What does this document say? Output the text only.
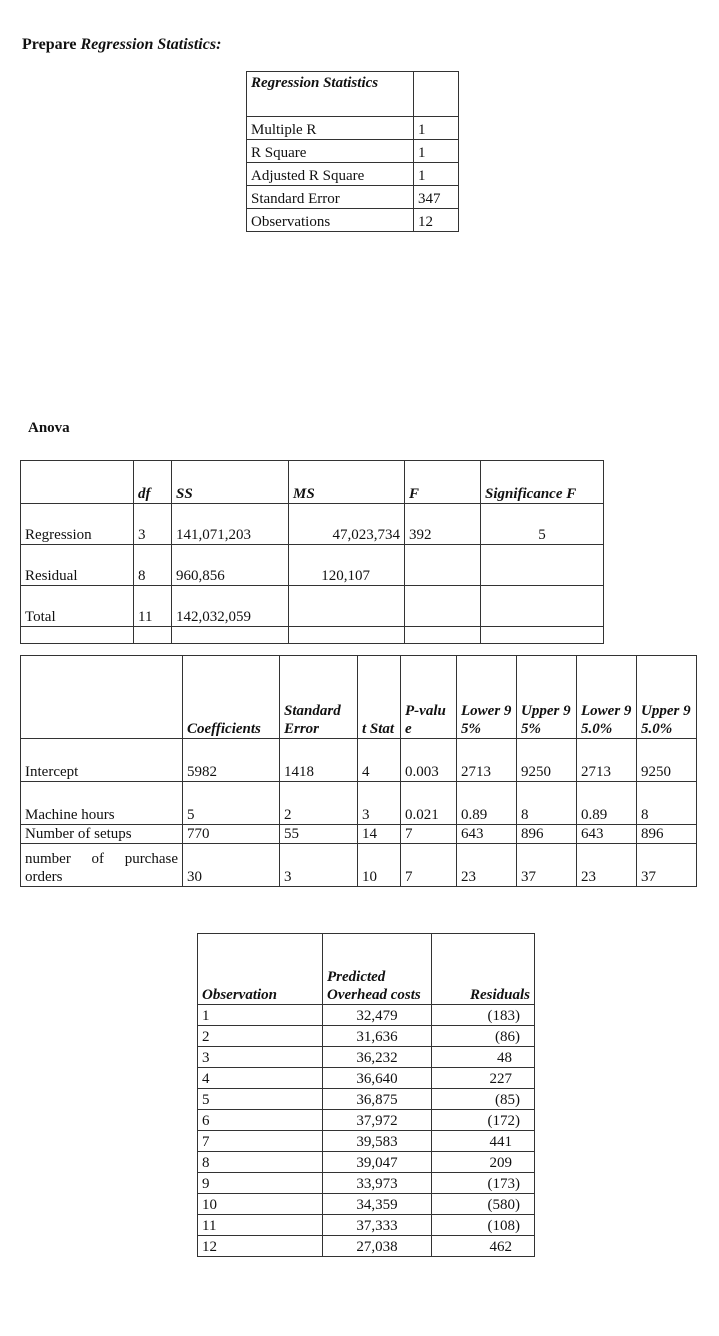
Prepare Regression Statistics:
Regression Statistics	
Multiple R	1
R Square	1
Adjusted R Square	1
Standard Error	347
Observations	12
Anova
	df	SS	MS	F	Significance F
Regression	3	141,071,203	47,023,734	392	5
Residual	8	960,856	120,107		
Total	11	142,032,059			

	Coefficients	Standard Error	t Stat	P-value	Lower 95%	Upper 95%	Lower 95.0%	Upper 95.0%
Intercept	5982	1418	4	0.003	2713	9250	2713	9250
Machine hours	5	2	3	0.021	0.89	8	0.89	8
Number of setups	770	55	14	7	643	896	643	896
number of purchase orders	30	3	10	7	23	37	23	37
Observation	Predicted Overhead costs	Residuals
1	32,479	(183)
2	31,636	(86)
3	36,232	48
4	36,640	227
5	36,875	(85)
6	37,972	(172)
7	39,583	441
8	39,047	209
9	33,973	(173)
10	34,359	(580)
11	37,333	(108)
12	27,038	462
